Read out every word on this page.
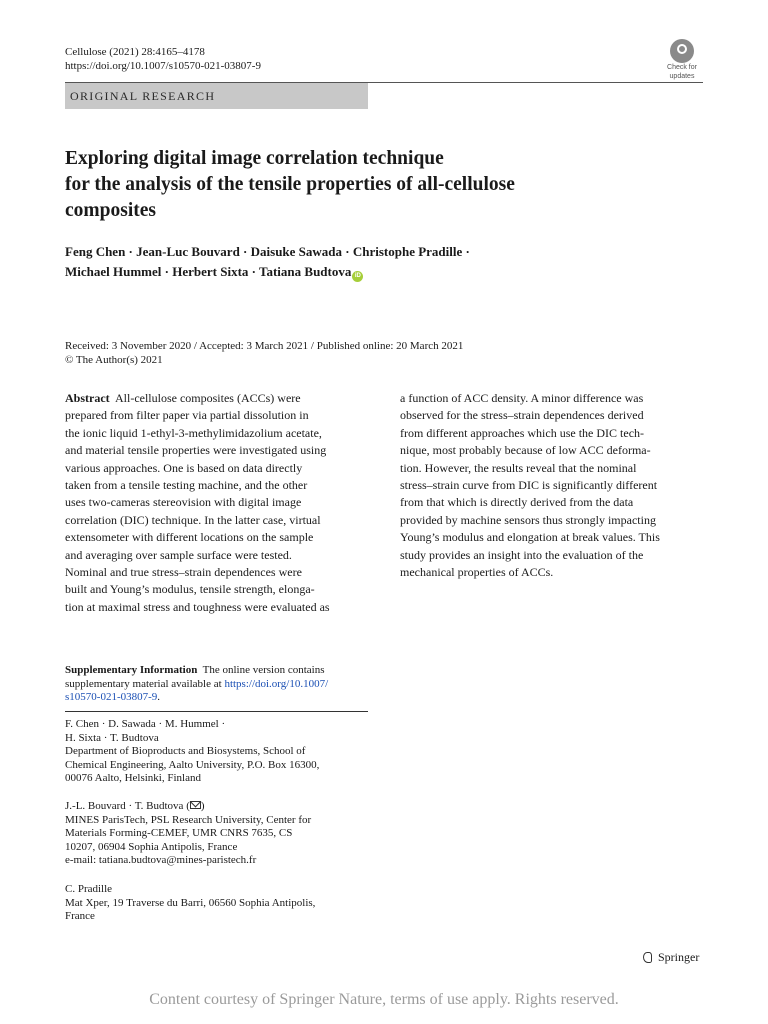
Cellulose (2021) 28:4165–4178
https://doi.org/10.1007/s10570-021-03807-9	Check for
updates
ORIGINAL RESEARCH
Exploring digital image correlation technique
for the analysis of the tensile properties of all-cellulose
composites
Feng Chen · Jean-Luc Bouvard · Daisuke Sawada · Christophe Pradille ·
Michael Hummel · Herbert Sixta · Tatiana Budtova iD
Received: 3 November 2020 / Accepted: 3 March 2021 / Published online: 20 March 2021
© The Author(s) 2021
Abstract  All-cellulose composites (ACCs) were
prepared from filter paper via partial dissolution in
the ionic liquid 1-ethyl-3-methylimidazolium acetate,
and material tensile properties were investigated using
various approaches. One is based on data directly
taken from a tensile testing machine, and the other
uses two-cameras stereovision with digital image
correlation (DIC) technique. In the latter case, virtual
extensometer with different locations on the sample
and averaging over sample surface were tested.
Nominal and true stress–strain dependences were
built and Young’s modulus, tensile strength, elonga-
tion at maximal stress and toughness were evaluated as
a function of ACC density. A minor difference was
observed for the stress–strain dependences derived
from different approaches which use the DIC tech-
nique, most probably because of low ACC deforma-
tion. However, the results reveal that the nominal
stress–strain curve from DIC is significantly different
from that which is directly derived from the data
provided by machine sensors thus strongly impacting
Young’s modulus and elongation at break values. This
study provides an insight into the evaluation of the
mechanical properties of ACCs.
Supplementary Information  The online version contains
supplementary material available at https://doi.org/10.1007/
s10570-021-03807-9.
F. Chen · D. Sawada · M. Hummel ·
H. Sixta · T. Budtova
Department of Bioproducts and Biosystems, School of
Chemical Engineering, Aalto University, P.O. Box 16300,
00076 Aalto, Helsinki, Finland
J.-L. Bouvard · T. Budtova ( )
MINES ParisTech, PSL Research University, Center for
Materials Forming-CEMEF, UMR CNRS 7635, CS
10207, 06904 Sophia Antipolis, France
e-mail: tatiana.budtova@mines-paristech.fr
C. Pradille
Mat Xper, 19 Traverse du Barri, 06560 Sophia Antipolis,
France
Springer
Content courtesy of Springer Nature, terms of use apply. Rights reserved.
